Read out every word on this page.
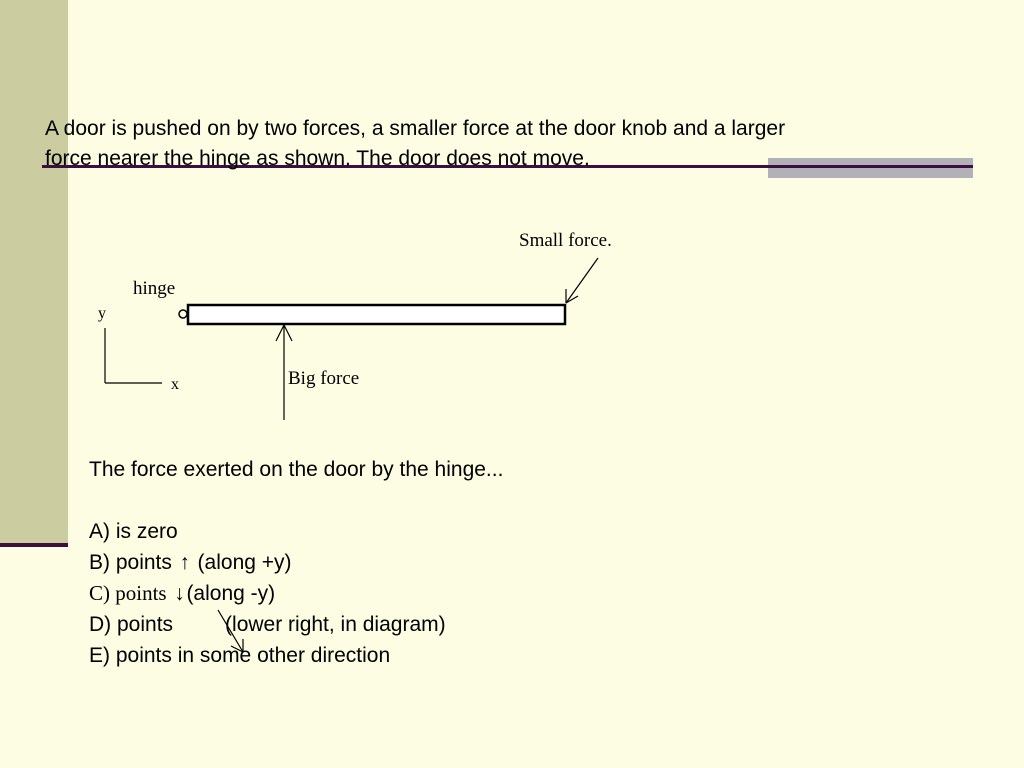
A door is pushed on by two forces, a smaller force at the door knob and a larger force nearer the hinge as shown. The door does not move.

Small force.
hinge
y
x	Big force
The force exerted on the door by the hinge...
A) is zero
B) points ↑ (along +y)
C) points ↓(along -y)
D) points (lower right, in diagram)
E) points in some other direction
